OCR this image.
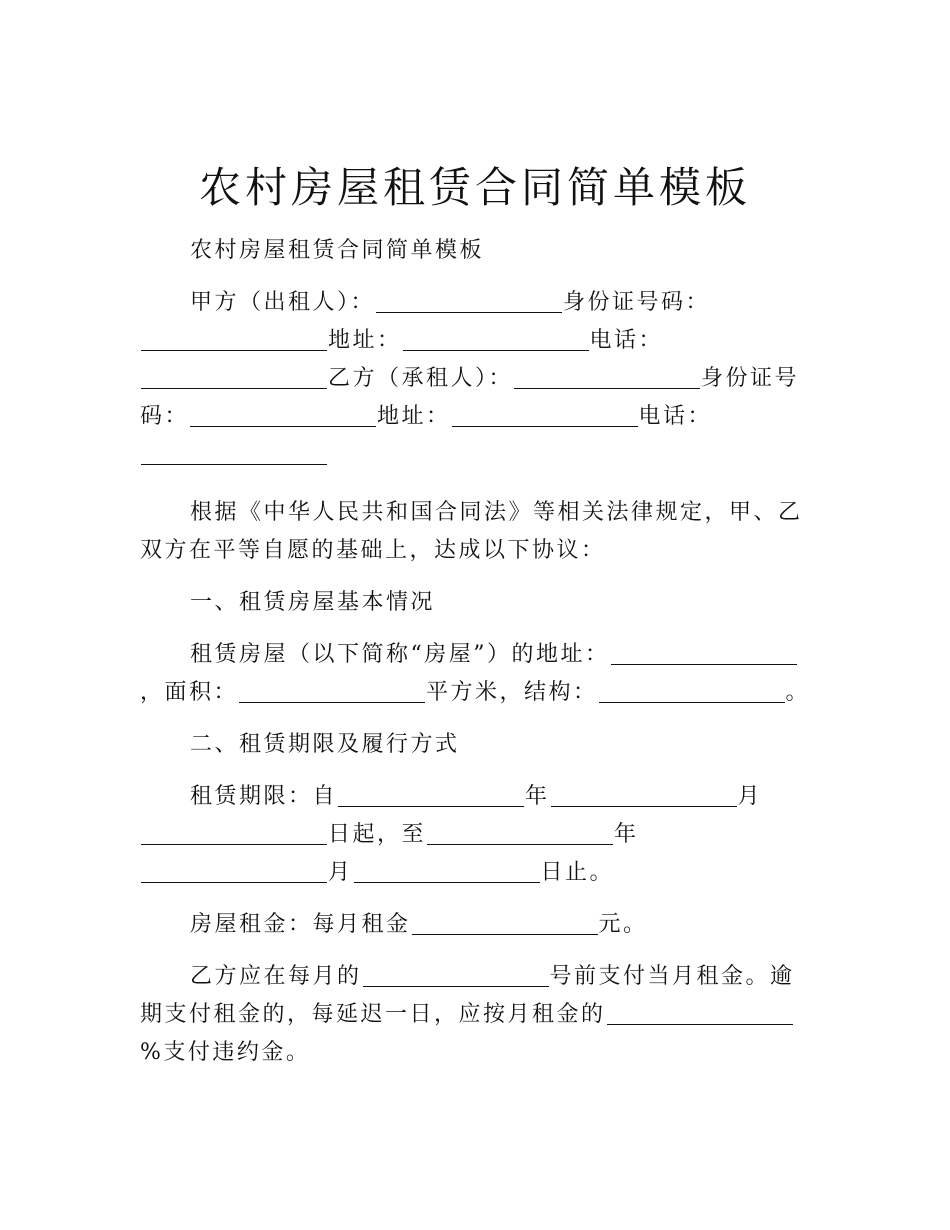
农村房屋租赁合同简单模板

农村房屋租赁合同简单模板

甲方（出租人）：	身份证号码：地址：	电话：乙方（承租人）：	身份证号码：	地址：	电话：

根据《中华人民共和国合同法》等相关法律规定，甲、乙双方在平等自愿的基础上，达成以下协议：

一、租赁房屋基本情况

租赁房屋（以下简称“房屋”）的地址：，面积：	平方米，结构：	。

二、租赁期限及履行方式

租赁期限：自	年	月日起，至	年月	日止。

房屋租金：每月租金	元。

乙方应在每月的	号前支付当月租金。逾期支付租金的，每延迟一日，应按月租金的%支付违约金。
